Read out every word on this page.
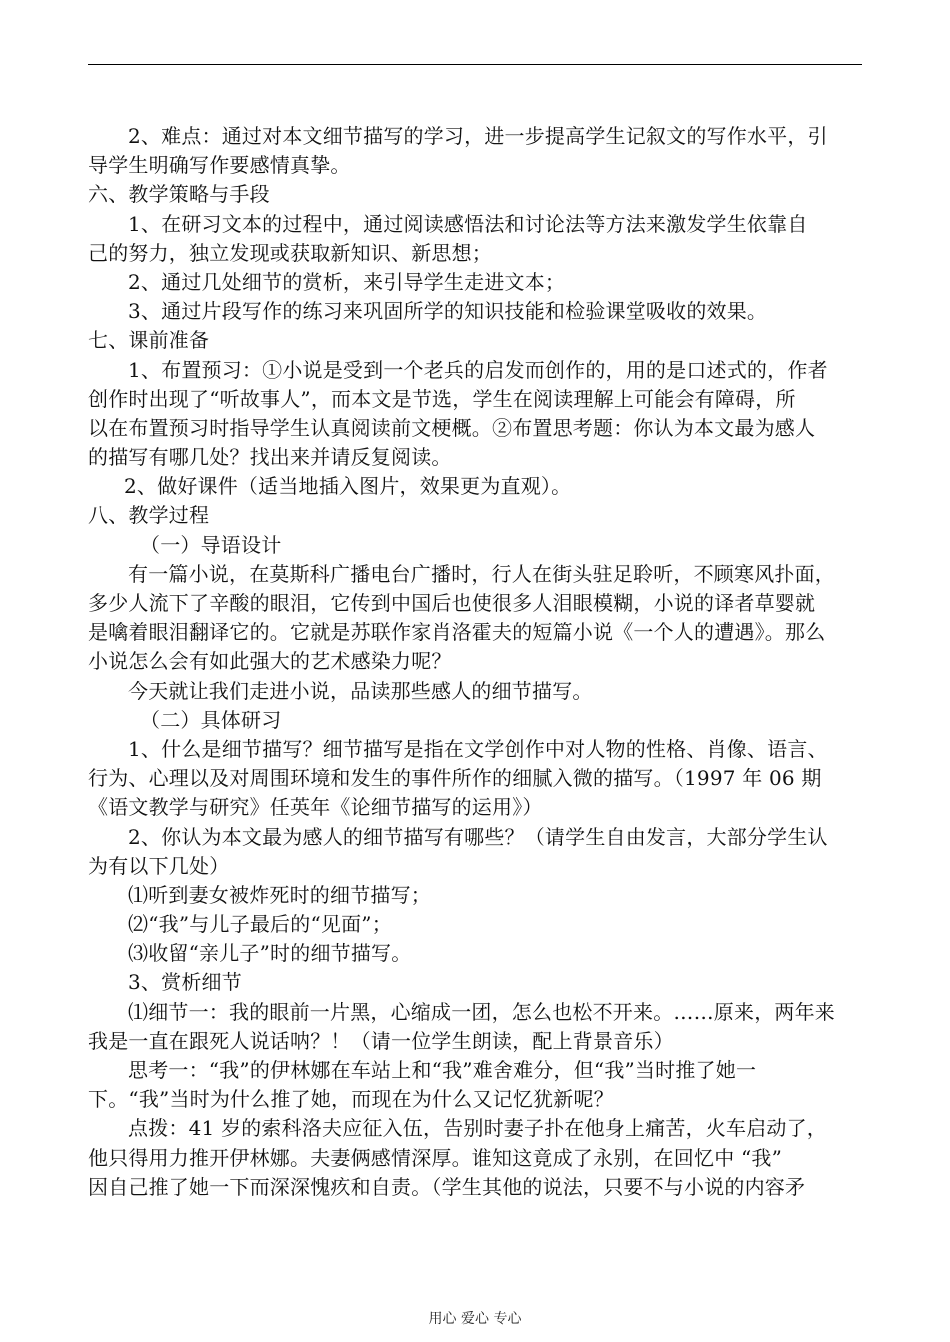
2、难点：通过对本文细节描写的学习，进一步提高学生记叙文的写作水平，引
导学生明确写作要感情真挚。
六、教学策略与手段
1、在研习文本的过程中，通过阅读感悟法和讨论法等方法来激发学生依靠自
己的努力，独立发现或获取新知识、新思想；
2、通过几处细节的赏析，来引导学生走进文本；
3、通过片段写作的练习来巩固所学的知识技能和检验课堂吸收的效果。
七、课前准备
1、布置预习：①小说是受到一个老兵的启发而创作的，用的是口述式的，作者
创作时出现了“听故事人”，而本文是节选，学生在阅读理解上可能会有障碍，所
以在布置预习时指导学生认真阅读前文梗概。②布置思考题：你认为本文最为感人
的描写有哪几处？找出来并请反复阅读。
2、做好课件（适当地插入图片，效果更为直观）。
八、教学过程
（一）导语设计
有一篇小说，在莫斯科广播电台广播时，行人在街头驻足聆听，不顾寒风扑面，
多少人流下了辛酸的眼泪，它传到中国后也使很多人泪眼模糊，小说的译者草婴就
是噙着眼泪翻译它的。它就是苏联作家肖洛霍夫的短篇小说《一个人的遭遇》。那么
小说怎么会有如此强大的艺术感染力呢？
今天就让我们走进小说，品读那些感人的细节描写。
（二）具体研习
1、什么是细节描写？细节描写是指在文学创作中对人物的性格、肖像、语言、
行为、心理以及对周围环境和发生的事件所作的细腻入微的描写。（1997 年 06 期
《语文教学与研究》任英年《论细节描写的运用》）
2、你认为本文最为感人的细节描写有哪些？（请学生自由发言，大部分学生认
为有以下几处）
⑴听到妻女被炸死时的细节描写；
⑵“我”与儿子最后的“见面”；
⑶收留“亲儿子”时的细节描写。
3、赏析细节
⑴细节一：我的眼前一片黑，心缩成一团，怎么也松不开来。……原来，两年来
我是一直在跟死人说话呐？！（请一位学生朗读，配上背景音乐）
思考一：“我”的伊林娜在车站上和“我”难舍难分，但“我”当时推了她一
下。“我”当时为什么推了她，而现在为什么又记忆犹新呢？
点拨：41 岁的索科洛夫应征入伍，告别时妻子扑在他身上痛苦，火车启动了，
他只得用力推开伊林娜。夫妻俩感情深厚。谁知这竟成了永别，在回忆中 “我”
因自己推了她一下而深深愧疚和自责。（学生其他的说法，只要不与小说的内容矛
用心 爱心 专心
